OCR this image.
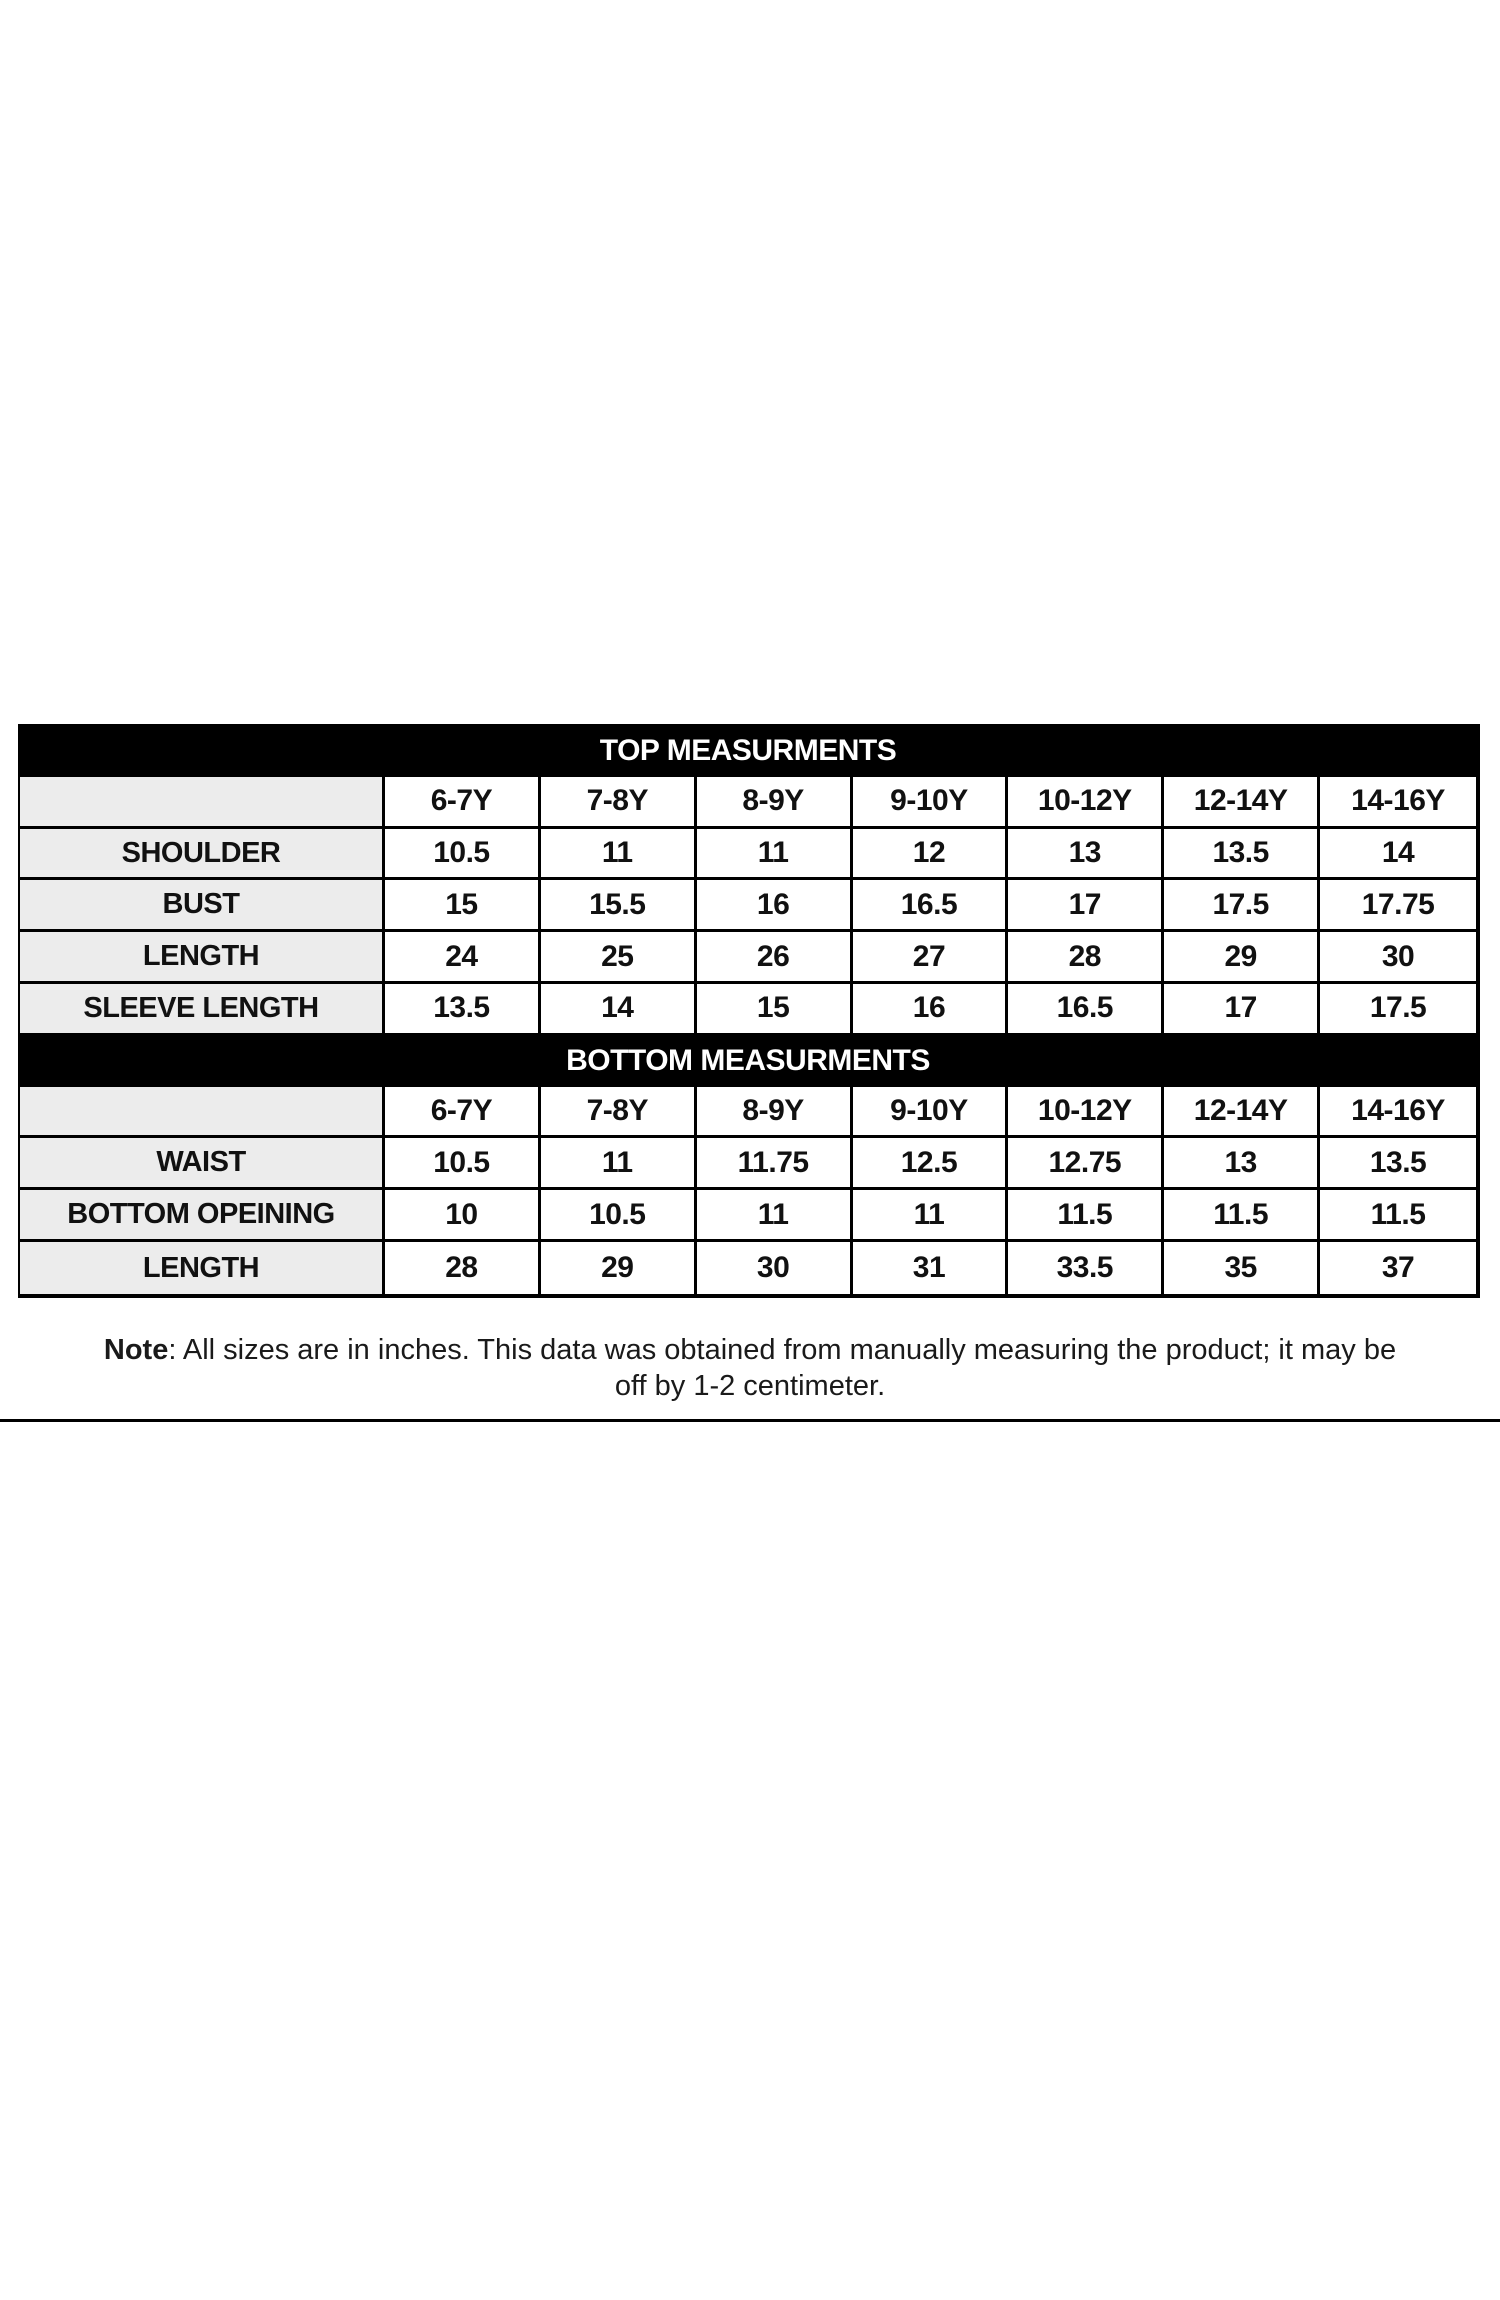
TOP MEASURMENTS							
	6-7Y	7-8Y	8-9Y	9-10Y	10-12Y	12-14Y	14-16Y
SHOULDER	10.5	11	11	12	13	13.5	14
BUST	15	15.5	16	16.5	17	17.5	17.75
LENGTH	24	25	26	27	28	29	30
SLEEVE LENGTH	13.5	14	15	16	16.5	17	17.5
BOTTOM MEASURMENTS							
	6-7Y	7-8Y	8-9Y	9-10Y	10-12Y	12-14Y	14-16Y
WAIST	10.5	11	11.75	12.5	12.75	13	13.5
BOTTOM OPEINING	10	10.5	11	11	11.5	11.5	11.5
LENGTH	28	29	30	31	33.5	35	37
Note: All sizes are in inches. This data was obtained from manually measuring the product; it may be off by 1-2 centimeter.
